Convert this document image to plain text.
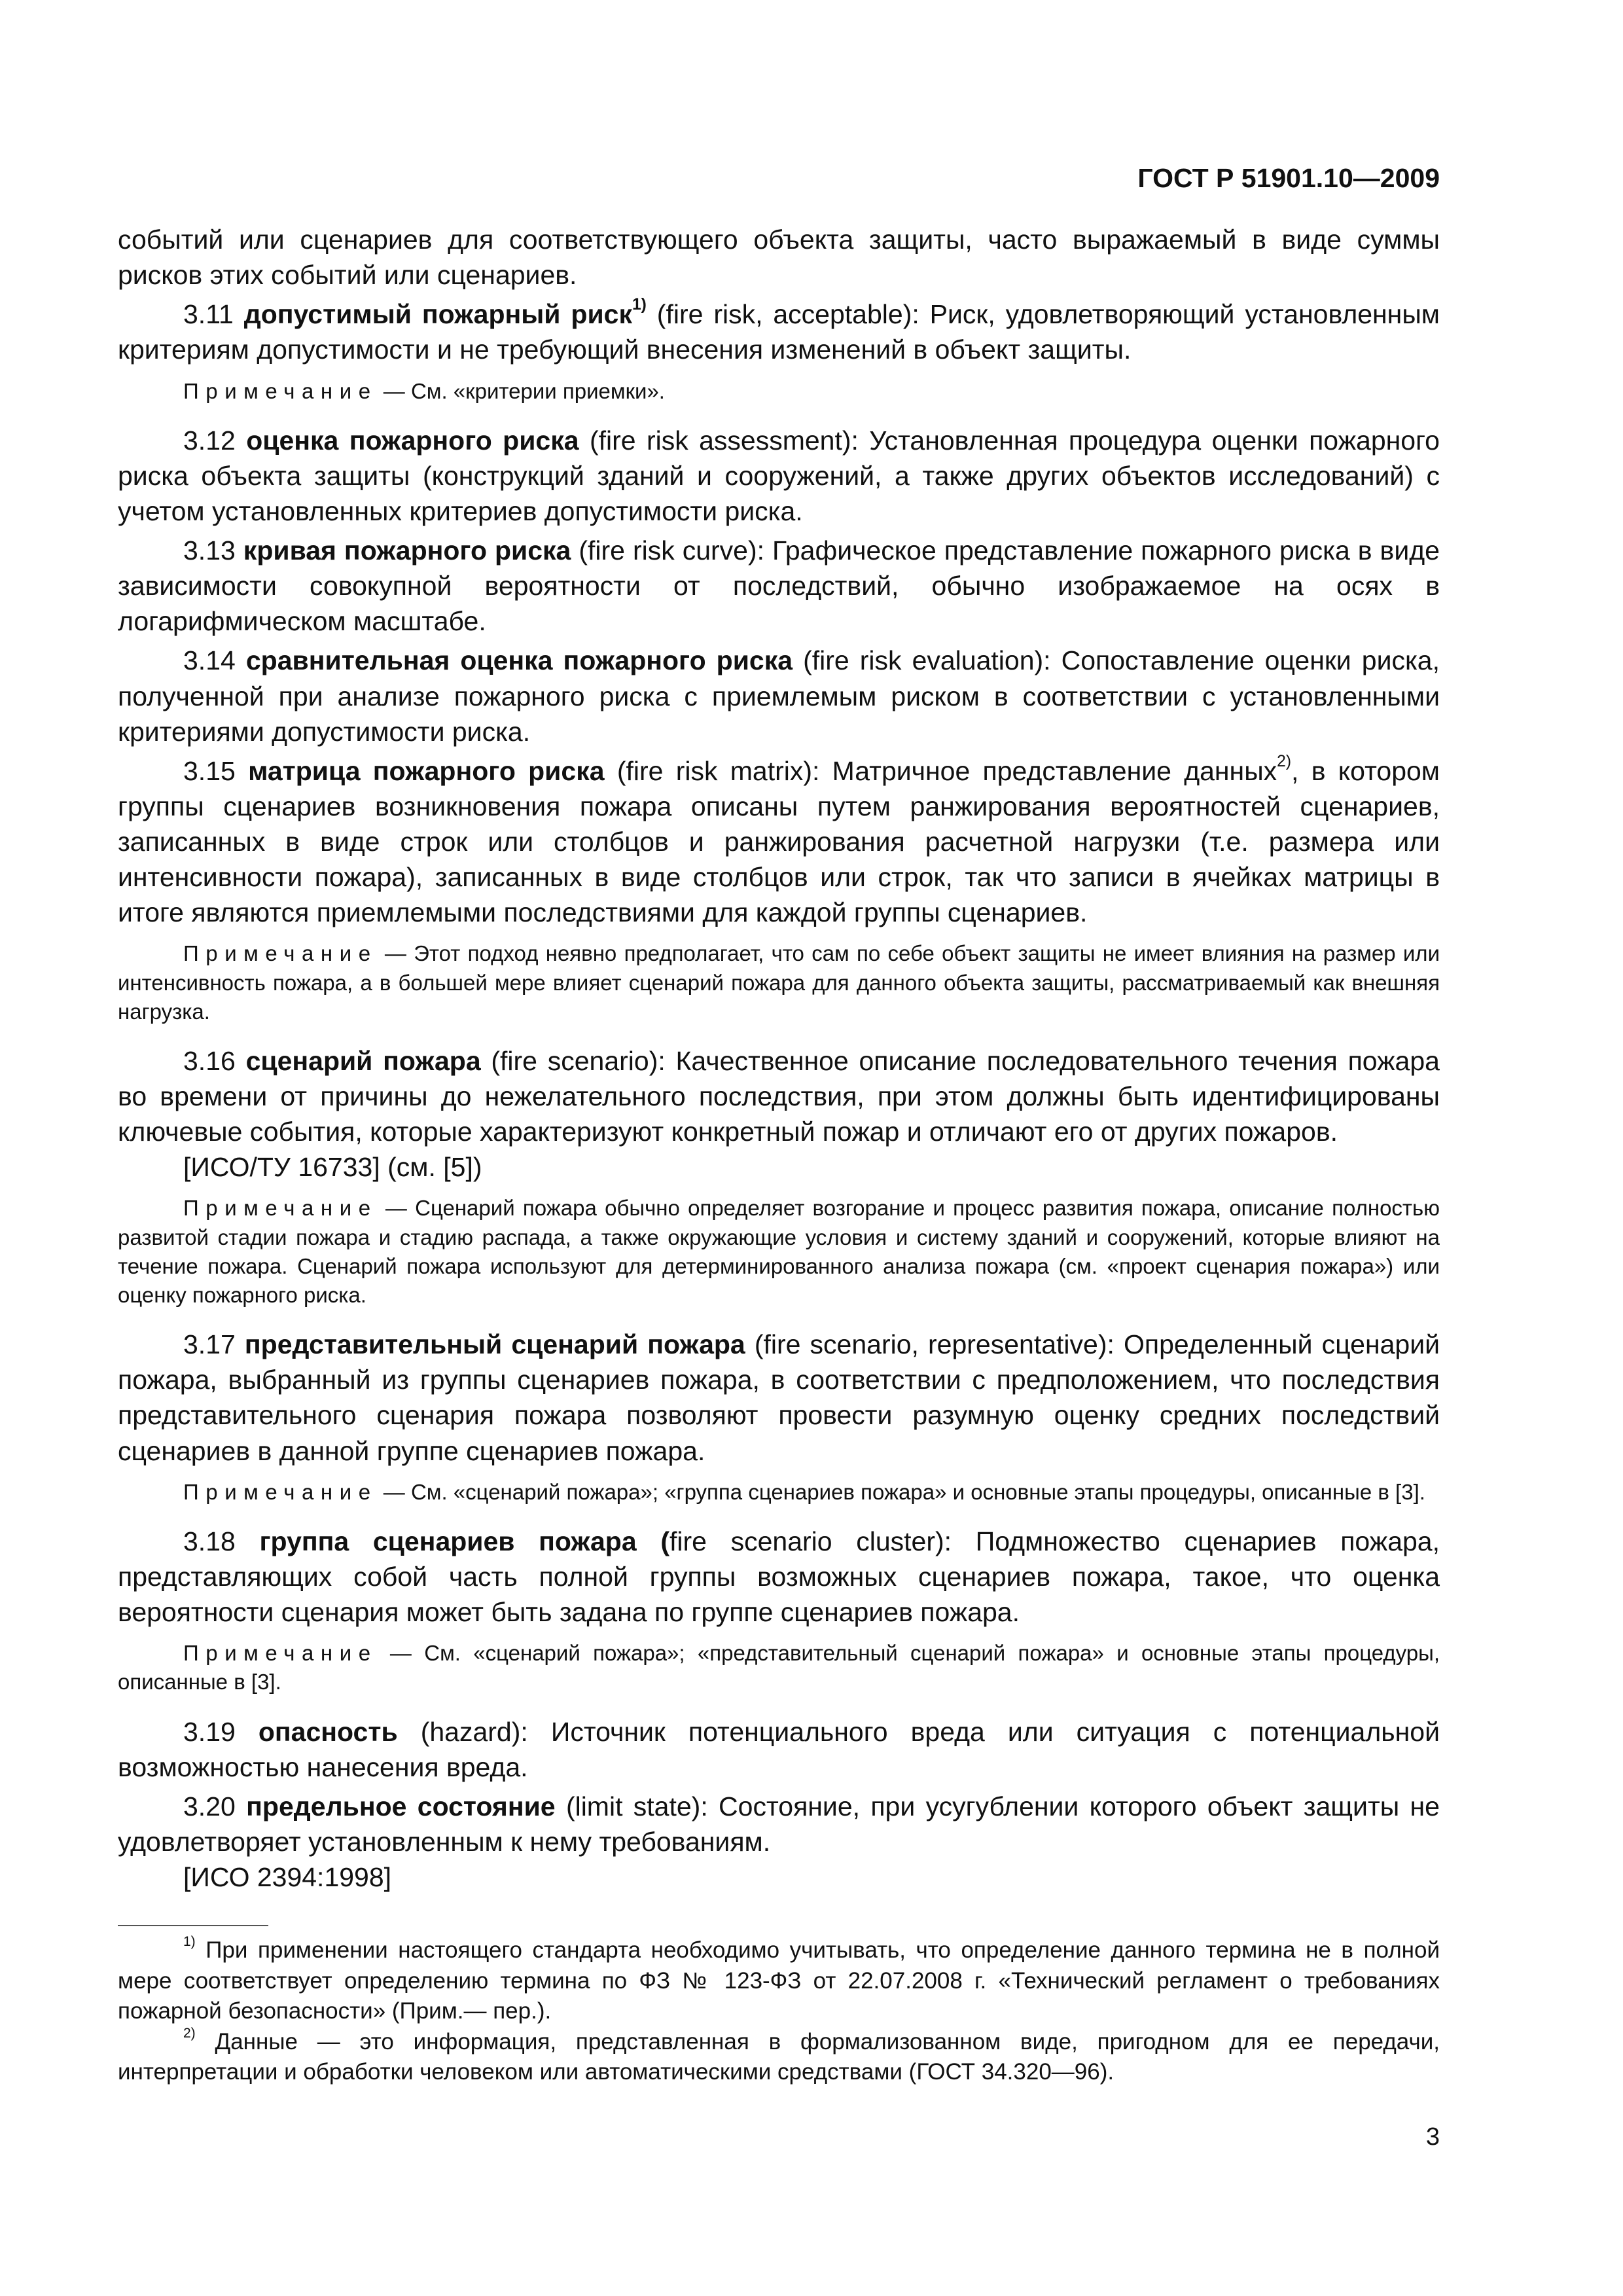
ГОСТ Р 51901.10—2009

событий или сценариев для соответствующего объекта защиты, часто выражаемый в виде суммы рисков этих событий или сценариев.

3.11 допустимый пожарный риск$^{1)}$ (fire risk, acceptable): Риск, удовлетворяющий установленным критериям допустимости и не требующий внесения изменений в объект защиты.

Примечание — См. «критерии приемки».

3.12 оценка пожарного риска (fire risk assessment): Установленная процедура оценки пожарного риска объекта защиты (конструкций зданий и сооружений, а также других объектов исследований) с учетом установленных критериев допустимости риска.

3.13 кривая пожарного риска (fire risk curve): Графическое представление пожарного риска в виде зависимости совокупной вероятности от последствий, обычно изображаемое на осях в логарифмическом масштабе.

3.14 сравнительная оценка пожарного риска (fire risk evaluation): Сопоставление оценки риска, полученной при анализе пожарного риска с приемлемым риском в соответствии с установленными критериями допустимости риска.

3.15 матрица пожарного риска (fire risk matrix): Матричное представление данных$^{2)}$, в котором группы сценариев возникновения пожара описаны путем ранжирования вероятностей сценариев, записанных в виде строк или столбцов и ранжирования расчетной нагрузки (т.е. размера или интенсивности пожара), записанных в виде столбцов или строк, так что записи в ячейках матрицы в итоге являются приемлемыми последствиями для каждой группы сценариев.

Примечание — Этот подход неявно предполагает, что сам по себе объект защиты не имеет влияния на размер или интенсивность пожара, а в большей мере влияет сценарий пожара для данного объекта защиты, рассматриваемый как внешняя нагрузка.

3.16 сценарий пожара (fire scenario): Качественное описание последовательного течения пожара во времени от причины до нежелательного последствия, при этом должны быть идентифицированы ключевые события, которые характеризуют конкретный пожар и отличают его от других пожаров.

[ИСО/ТУ 16733] (см. [5])

Примечание — Сценарий пожара обычно определяет возгорание и процесс развития пожара, описание полностью развитой стадии пожара и стадию распада, а также окружающие условия и систему зданий и сооружений, которые влияют на течение пожара. Сценарий пожара используют для детерминированного анализа пожара (см. «проект сценария пожара») или оценку пожарного риска.

3.17 представительный сценарий пожара (fire scenario, representative): Определенный сценарий пожара, выбранный из группы сценариев пожара, в соответствии с предположением, что последствия представительного сценария пожара позволяют провести разумную оценку средних последствий сценариев в данной группе сценариев пожара.

Примечание — См. «сценарий пожара»; «группа сценариев пожара» и основные этапы процедуры, описанные в [3].

3.18 группа сценариев пожара (fire scenario cluster): Подмножество сценариев пожара, представляющих собой часть полной группы возможных сценариев пожара, такое, что оценка вероятности сценария может быть задана по группе сценариев пожара.

Примечание — См. «сценарий пожара»; «представительный сценарий пожара» и основные этапы процедуры, описанные в [3].

3.19 опасность (hazard): Источник потенциального вреда или ситуация с потенциальной возможностью нанесения вреда.

3.20 предельное состояние (limit state): Состояние, при усугублении которого объект защиты не удовлетворяет установленным к нему требованиям.

[ИСО 2394:1998]

$^{1)}$ При применении настоящего стандарта необходимо учитывать, что определение данного термина не в полной мере соответствует определению термина по ФЗ № 123-ФЗ от 22.07.2008 г. «Технический регламент о требованиях пожарной безопасности» (Прим.— пер.).

$^{2)}$ Данные — это информация, представленная в формализованном виде, пригодном для ее передачи, интерпретации и обработки человеком или автоматическими средствами (ГОСТ 34.320—96).

3
